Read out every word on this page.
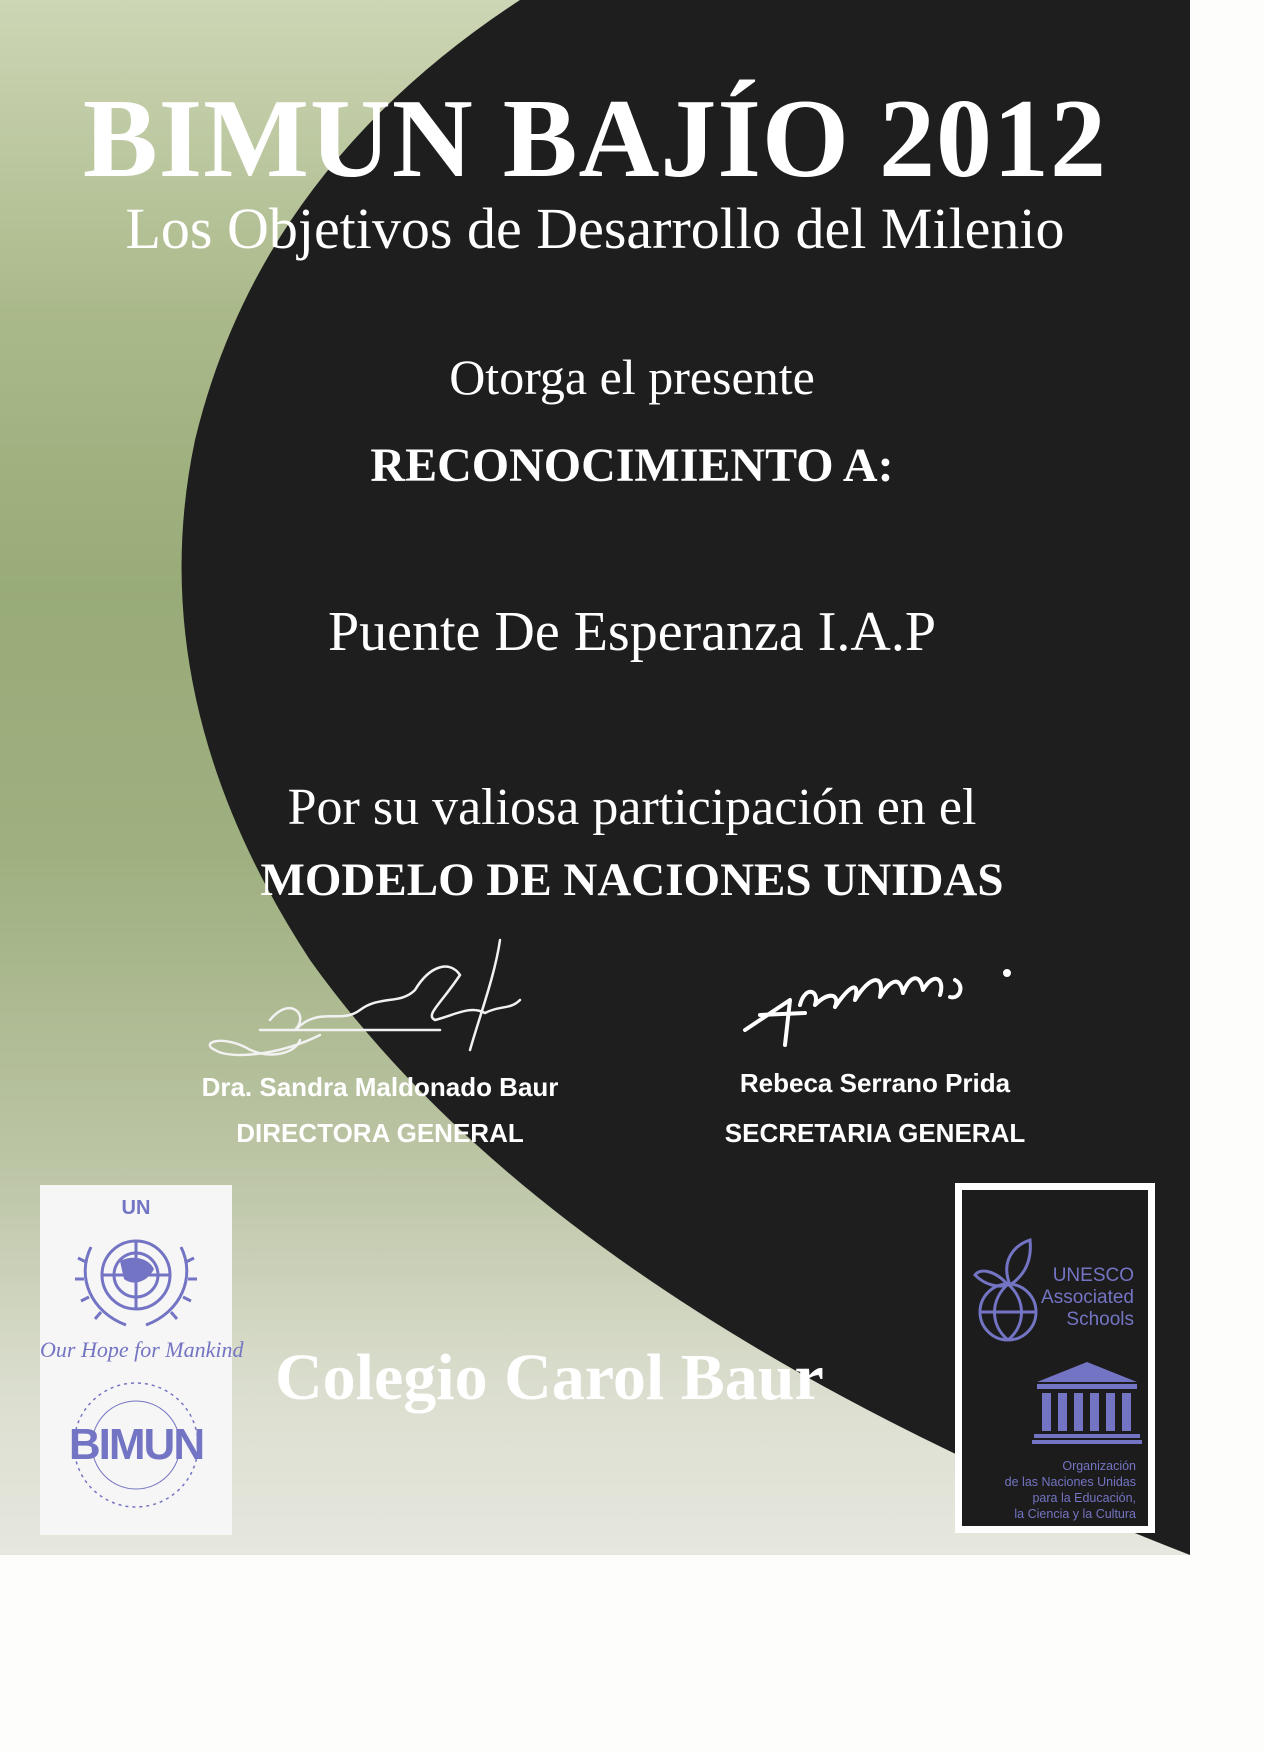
BIMUN BAJÍO 2012
Los Objetivos de Desarrollo del Milenio
Otorga el presente
RECONOCIMIENTO A:
Puente De Esperanza I.A.P
Por su valiosa participación en el
MODELO DE NACIONES UNIDAS
Dra. Sandra Maldonado Baur
DIRECTORA GENERAL
Rebeca Serrano Prida
SECRETARIA GENERAL
Colegio Carol Baur
UN
Our Hope for Mankind
BIMUN
UNESCO
Associated
Schools
Organización
de las Naciones Unidas
para la Educación,
la Ciencia y la Cultura
